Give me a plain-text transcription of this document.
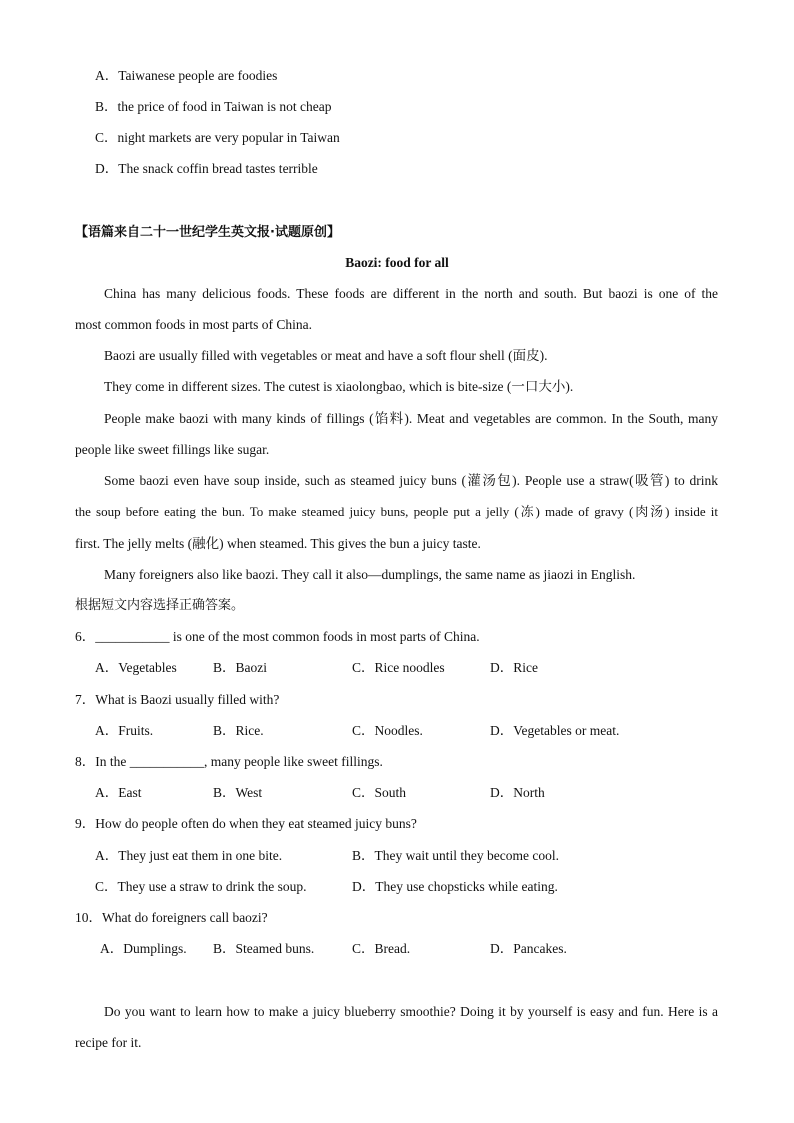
A．Taiwanese people are foodies
B．the price of food in Taiwan is not cheap
C．night markets are very popular in Taiwan
D．The snack coffin bread tastes terrible
【语篇来自二十一世纪学生英文报·试题原创】
Baozi: food for all
China has many delicious foods. These foods are different in the north and south. But baozi is one of the
most common foods in most parts of China.
Baozi are usually filled with vegetables or meat and have a soft flour shell (面皮).
They come in different sizes. The cutest is xiaolongbao, which is bite-size (一口大小).
People make baozi with many kinds of fillings (馅料). Meat and vegetables are common. In the South, many
people like sweet fillings like sugar.
Some baozi even have soup inside, such as steamed juicy buns (灌汤包). People use a straw(吸管) to drink
the soup before eating the bun. To make steamed juicy buns, people put a jelly (冻) made of gravy (肉汤) inside it
first. The jelly melts (融化) when steamed. This gives the bun a juicy taste.
Many foreigners also like baozi. They call it also—dumplings, the same name as jiaozi in English.
根据短文内容选择正确答案。
6．___________ is one of the most common foods in most parts of China.
A．Vegetables	B．Baozi	C．Rice noodles	D．Rice
7．What is Baozi usually filled with?
A．Fruits.	B．Rice.	C．Noodles.	D．Vegetables or meat.
8．In the ___________, many people like sweet fillings.
A．East	B．West	C．South	D．North
9．How do people often do when they eat steamed juicy buns?
A．They just eat them in one bite.	B．They wait until they become cool.
C．They use a straw to drink the soup.	D．They use chopsticks while eating.
10．What do foreigners call baozi?
A．Dumplings. B．Steamed buns.	C．Bread.	D．Pancakes.
Do you want to learn how to make a juicy blueberry smoothie? Doing it by yourself is easy and fun. Here is a
recipe for it.
